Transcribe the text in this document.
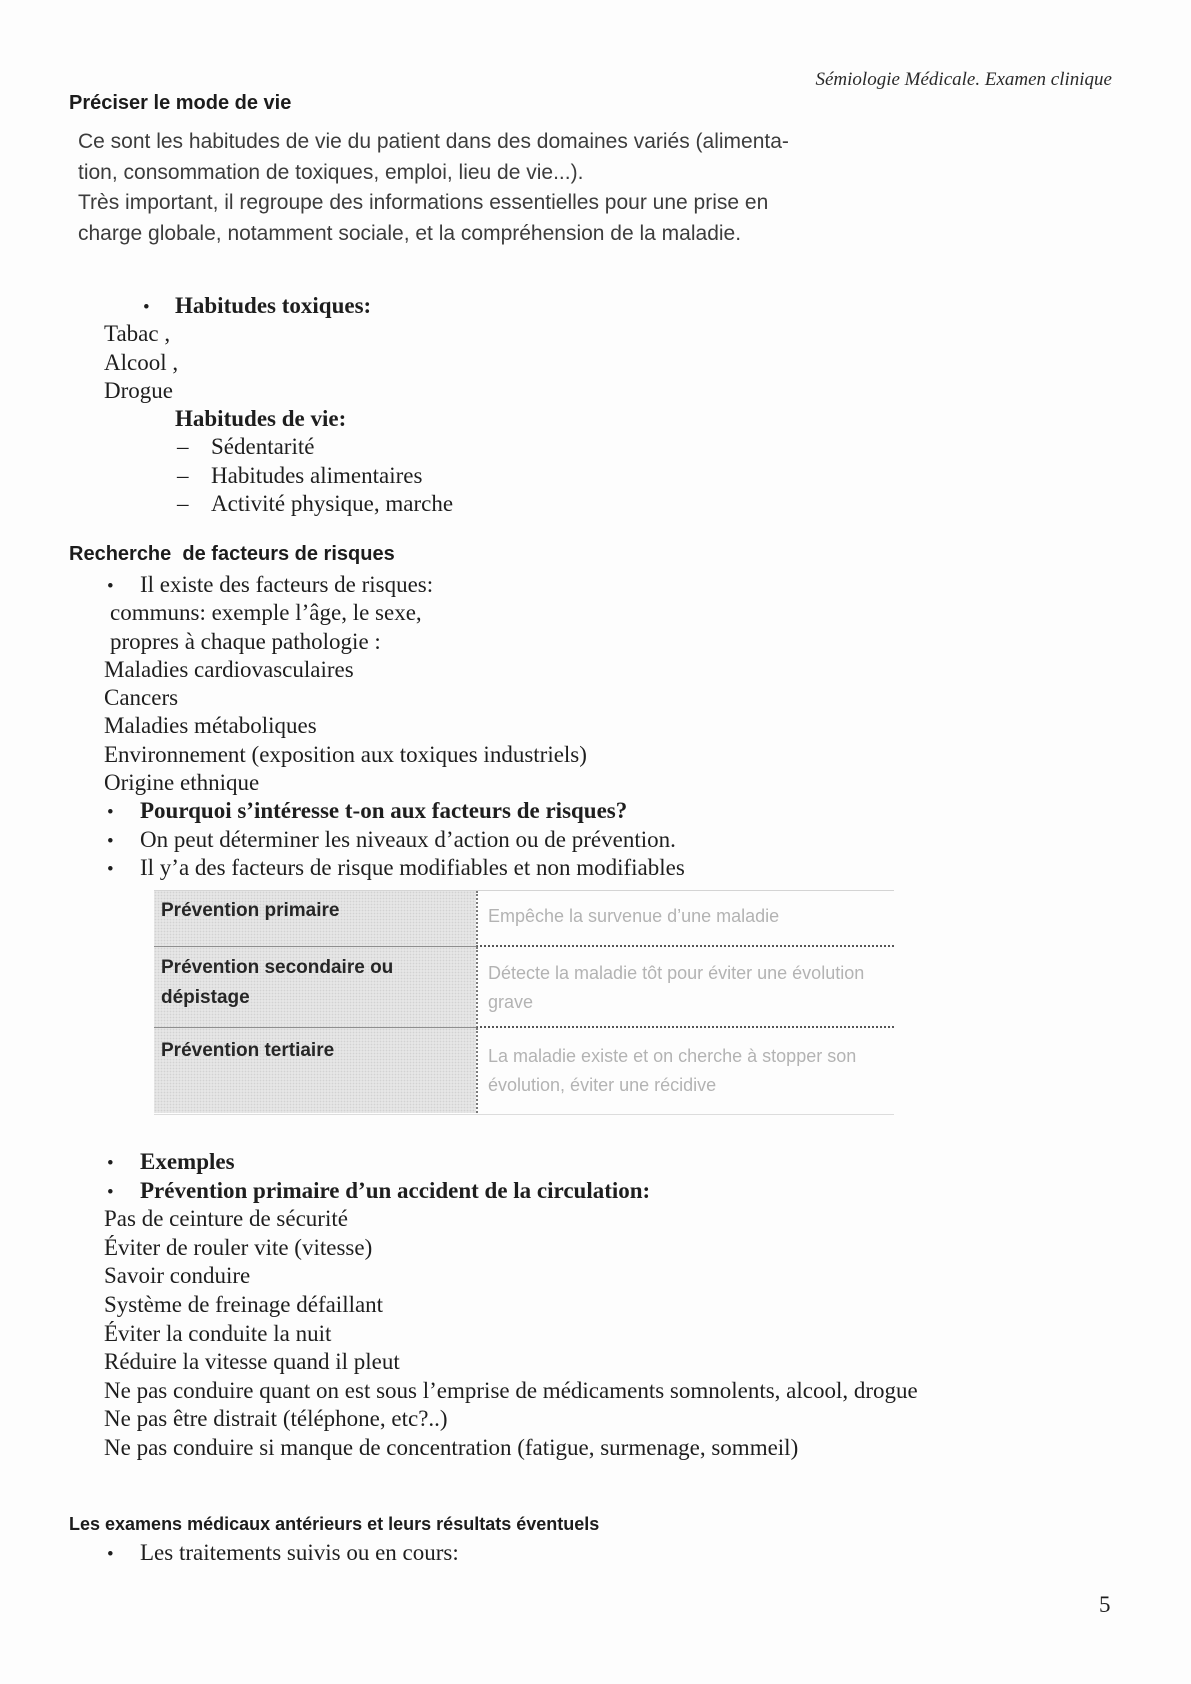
Sémiologie Médicale. Examen clinique
Préciser le mode de vie
Ce sont les habitudes de vie du patient dans des domaines variés (alimenta-
tion, consommation de toxiques, emploi, lieu de vie...).
Très important, il regroupe des informations essentielles pour une prise en
charge globale, notamment sociale, et la compréhension de la maladie.
•
Habitudes toxiques:
Tabac ,
Alcool ,
Drogue
Habitudes de vie:
–
Sédentarité
–
Habitudes alimentaires
–
Activité physique, marche
Recherche  de facteurs de risques
•
Il existe des facteurs de risques:
communs: exemple l’âge, le sexe,
propres à chaque pathologie :
Maladies cardiovasculaires
Cancers
Maladies métaboliques
Environnement (exposition aux toxiques industriels)
Origine ethnique
•
Pourquoi s’intéresse t-on aux facteurs de risques?
•
On peut déterminer les niveaux d’action ou de prévention.
•
Il y’a des facteurs de risque modifiables et non modifiables
Prévention primaire	Empêche la survenue d’une maladie
Prévention secondaire ou
dépistage
Détecte la maladie tôt pour éviter une évolution
grave
Prévention tertiaire	La maladie existe et on cherche à stopper son
évolution, éviter une récidive
•
Exemples
•
Prévention primaire d’un accident de la circulation:
Pas de ceinture de sécurité
Éviter de rouler vite (vitesse)
Savoir conduire
Système de freinage défaillant
Éviter la conduite la nuit
Réduire la vitesse quand il pleut
Ne pas conduire quant on est sous l’emprise de médicaments somnolents, alcool, drogue
Ne pas être distrait (téléphone, etc?..)
Ne pas conduire si manque de concentration (fatigue, surmenage, sommeil)
Les examens médicaux antérieurs et leurs résultats éventuels
•
Les traitements suivis ou en cours:
5
